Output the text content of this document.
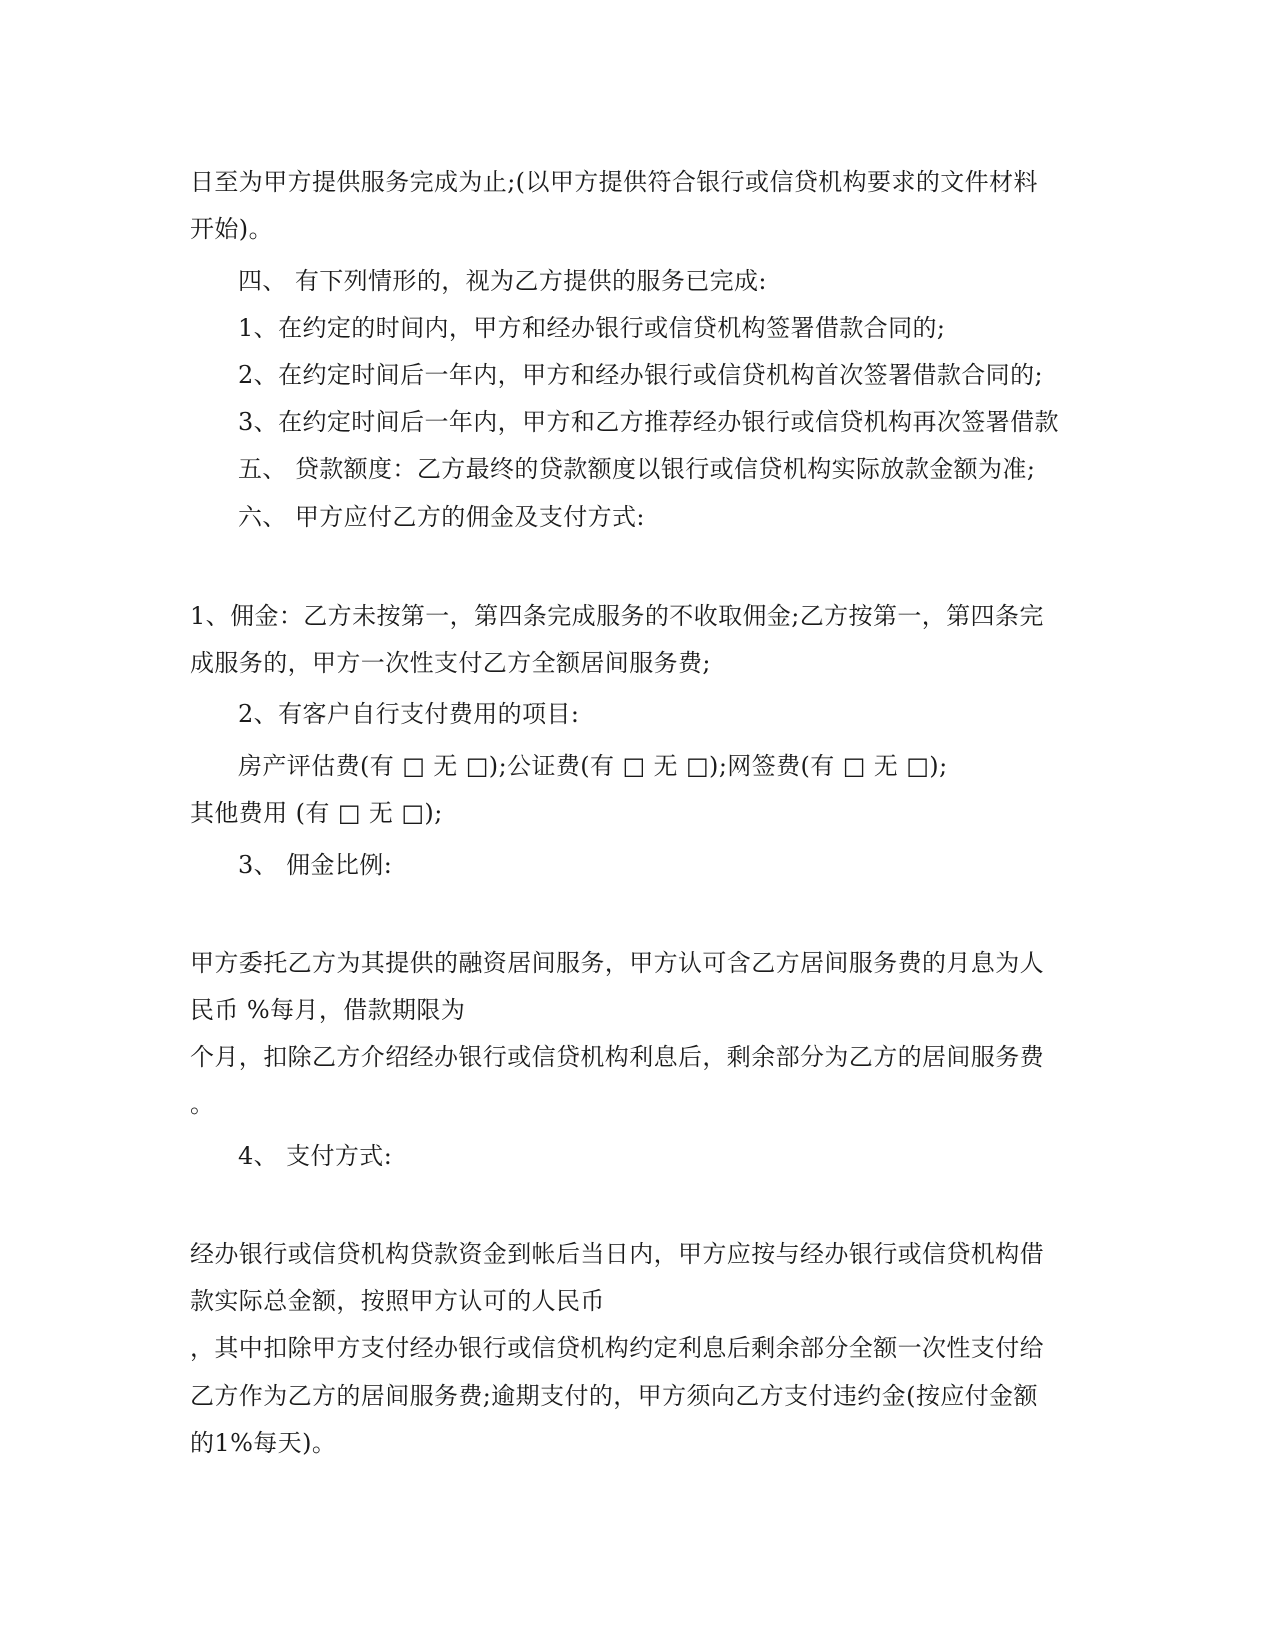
日至为甲方提供服务完成为止;(以甲方提供符合银行或信贷机构要求的文件材料

开始)。

四、 有下列情形的，视为乙方提供的服务已完成:

1、在约定的时间内，甲方和经办银行或信贷机构签署借款合同的;

2、在约定时间后一年内，甲方和经办银行或信贷机构首次签署借款合同的;

3、在约定时间后一年内，甲方和乙方推荐经办银行或信贷机构再次签署借款

五、 贷款额度：乙方最终的贷款额度以银行或信贷机构实际放款金额为准;

六、 甲方应付乙方的佣金及支付方式:

1、佣金：乙方未按第一，第四条完成服务的不收取佣金;乙方按第一，第四条完

成服务的，甲方一次性支付乙方全额居间服务费;

2、有客户自行支付费用的项目:

房产评估费(有 □ 无 □);公证费(有 □ 无 □);网签费(有 □ 无 □);

其他费用 (有 □ 无 □);

3、 佣金比例:

甲方委托乙方为其提供的融资居间服务，甲方认可含乙方居间服务费的月息为人

民币 %每月，借款期限为

个月，扣除乙方介绍经办银行或信贷机构利息后，剩余部分为乙方的居间服务费

。

4、 支付方式:

经办银行或信贷机构贷款资金到帐后当日内，甲方应按与经办银行或信贷机构借

款实际总金额，按照甲方认可的人民币

，其中扣除甲方支付经办银行或信贷机构约定利息后剩余部分全额一次性支付给

乙方作为乙方的居间服务费;逾期支付的，甲方须向乙方支付违约金(按应付金额

的1%每天)。
